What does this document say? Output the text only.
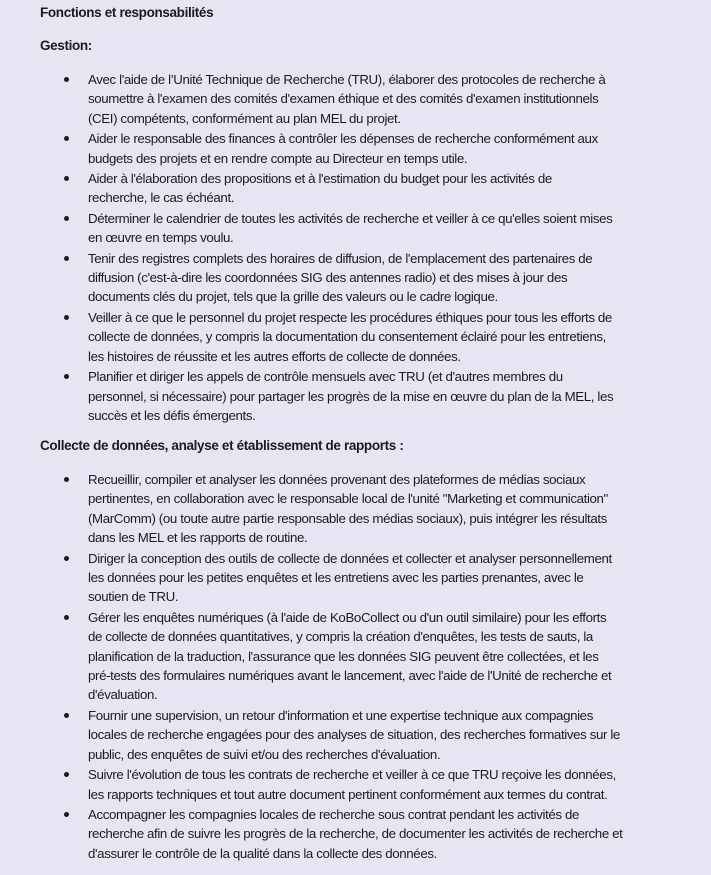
Fonctions et responsabilités
Gestion:
Avec l'aide de l’Unité Technique de Recherche (TRU), élaborer des protocoles de recherche à
soumettre à l'examen des comités d'examen éthique et des comités d'examen institutionnels
(CEI) compétents, conformément au plan MEL du projet.
Aider le responsable des finances à contrôler les dépenses de recherche conformément aux
budgets des projets et en rendre compte au Directeur en temps utile.
Aider à l'élaboration des propositions et à l'estimation du budget pour les activités de
recherche, le cas échéant.
Déterminer le calendrier de toutes les activités de recherche et veiller à ce qu'elles soient mises
en œuvre en temps voulu.
Tenir des registres complets des horaires de diffusion, de l'emplacement des partenaires de
diffusion (c'est-à-dire les coordonnées SIG des antennes radio) et des mises à jour des
documents clés du projet, tels que la grille des valeurs ou le cadre logique.
Veiller à ce que le personnel du projet respecte les procédures éthiques pour tous les efforts de
collecte de données, y compris la documentation du consentement éclairé pour les entretiens,
les histoires de réussite et les autres efforts de collecte de données.
Planifier et diriger les appels de contrôle mensuels avec TRU (et d'autres membres du
personnel, si nécessaire) pour partager les progrès de la mise en œuvre du plan de la MEL, les
succès et les défis émergents.
Collecte de données, analyse et établissement de rapports :
Recueillir, compiler et analyser les données provenant des plateformes de médias sociaux
pertinentes, en collaboration avec le responsable local de l'unité "Marketing et communication"
(MarComm) (ou toute autre partie responsable des médias sociaux), puis intégrer les résultats
dans les MEL et les rapports de routine.
Diriger la conception des outils de collecte de données et collecter et analyser personnellement
les données pour les petites enquêtes et les entretiens avec les parties prenantes, avec le
soutien de TRU.
Gérer les enquêtes numériques (à l'aide de KoBoCollect ou d'un outil similaire) pour les efforts
de collecte de données quantitatives, y compris la création d'enquêtes, les tests de sauts, la
planification de la traduction, l'assurance que les données SIG peuvent être collectées, et les
pré-tests des formulaires numériques avant le lancement, avec l'aide de l'Unité de recherche et
d'évaluation.
Fournir une supervision, un retour d'information et une expertise technique aux compagnies
locales de recherche engagées pour des analyses de situation, des recherches formatives sur le
public, des enquêtes de suivi et/ou des recherches d'évaluation.
Suivre l'évolution de tous les contrats de recherche et veiller à ce que TRU reçoive les données,
les rapports techniques et tout autre document pertinent conformément aux termes du contrat.
Accompagner les compagnies locales de recherche sous contrat pendant les activités de
recherche afin de suivre les progrès de la recherche, de documenter les activités de recherche et
d'assurer le contrôle de la qualité dans la collecte des données.
